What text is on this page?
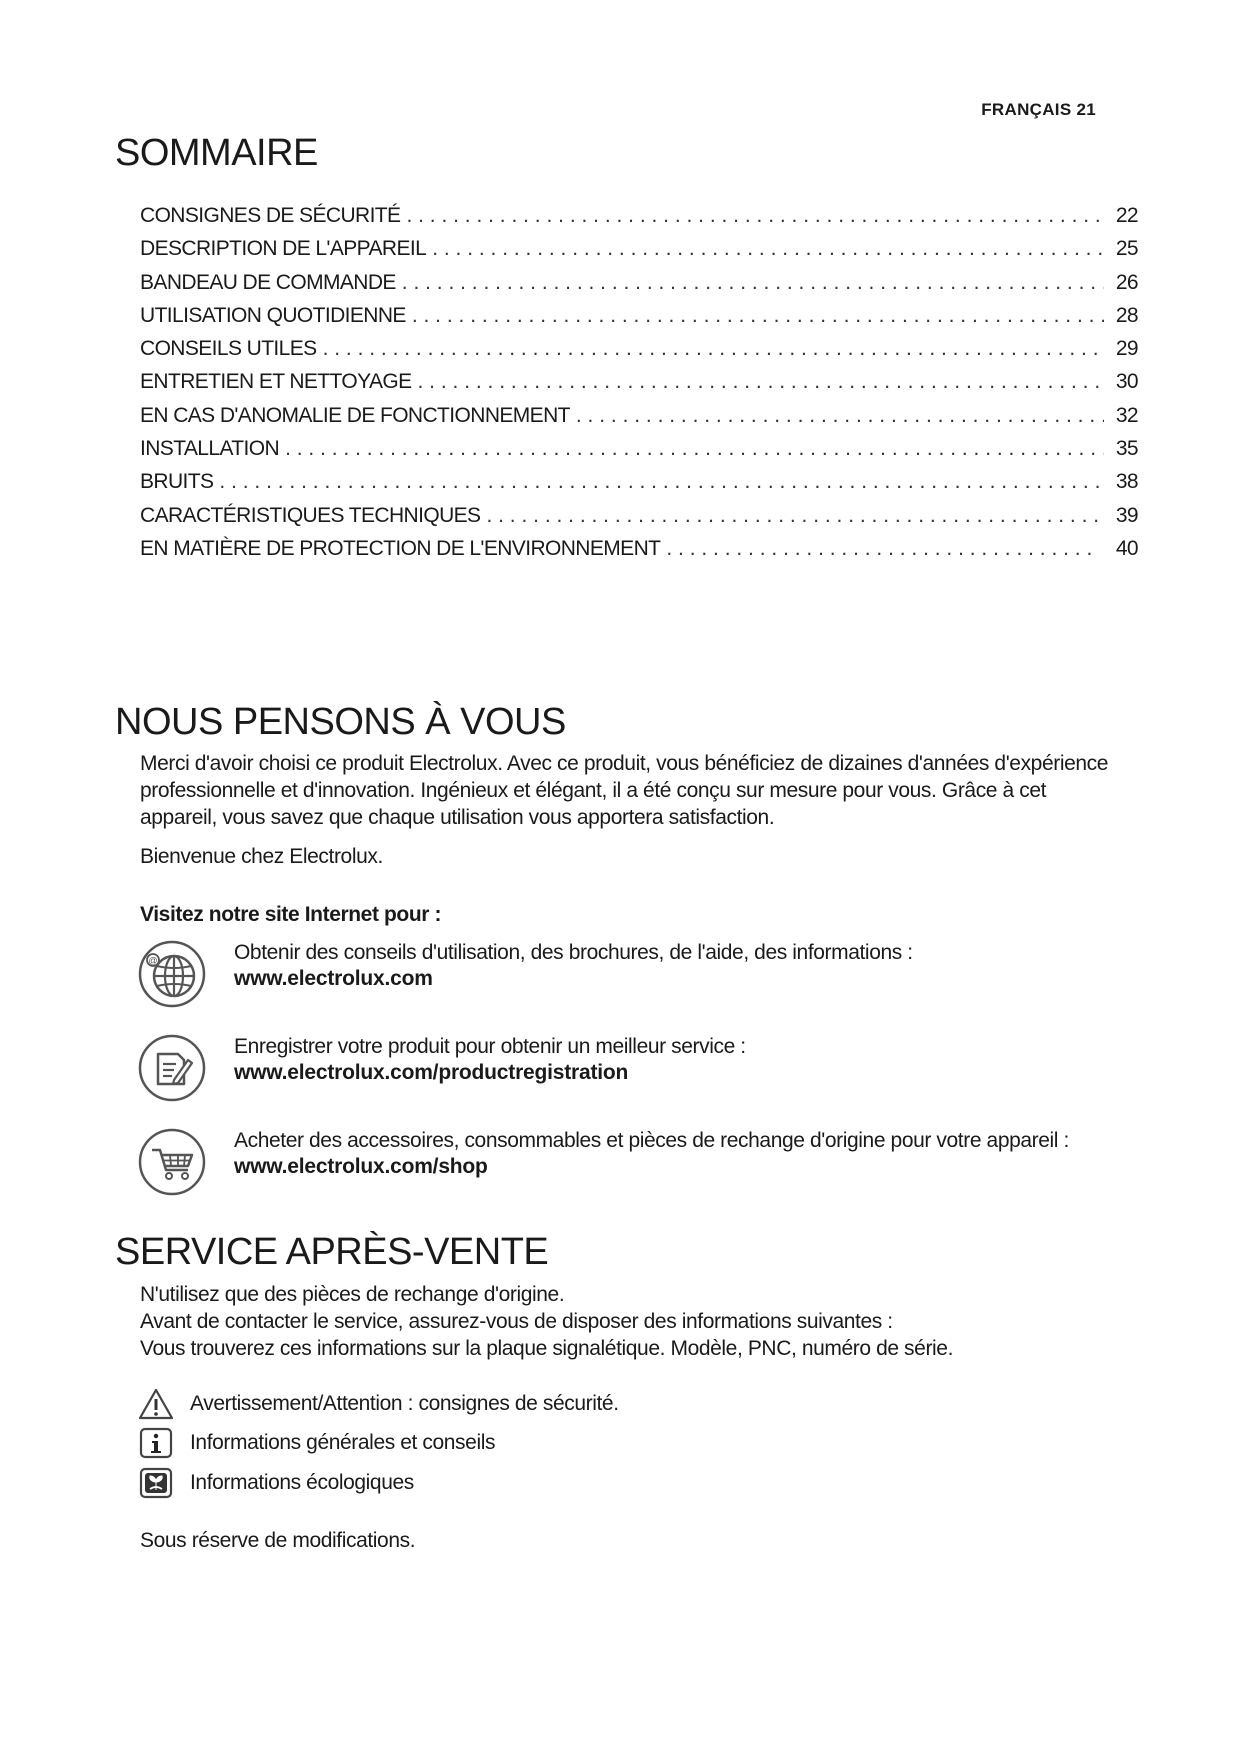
FRANÇAIS 21
SOMMAIRE
CONSIGNES DE SÉCURITÉ . . .	22
DESCRIPTION DE L'APPAREIL . . .	25
BANDEAU DE COMMANDE . . .	26
UTILISATION QUOTIDIENNE . . .	28
CONSEILS UTILES . . .	29
ENTRETIEN ET NETTOYAGE . . .	30
EN CAS D'ANOMALIE DE FONCTIONNEMENT . . .	32
INSTALLATION . . .	35
BRUITS . . .	38
CARACTÉRISTIQUES TECHNIQUES . . .	39
EN MATIÈRE DE PROTECTION DE L'ENVIRONNEMENT . . .	40
NOUS PENSONS À VOUS

Merci d'avoir choisi ce produit Electrolux. Avec ce produit, vous bénéficiez de dizaines d'années d'expérience professionnelle et d'innovation. Ingénieux et élégant, il a été conçu sur mesure pour vous. Grâce à cet appareil, vous savez que chaque utilisation vous apportera satisfaction.

Bienvenue chez Electrolux.

Visitez notre site Internet pour :

@	Obtenir des conseils d'utilisation, des brochures, de l'aide, des informations :
www.electrolux.com
Enregistrer votre produit pour obtenir un meilleur service :
www.electrolux.com/productregistration
Acheter des accessoires, consommables et pièces de rechange d'origine pour votre appareil :
www.electrolux.com/shop
SERVICE APRÈS-VENTE

N'utilisez que des pièces de rechange d'origine.

Avant de contacter le service, assurez-vous de disposer des informations suivantes :

Vous trouverez ces informations sur la plaque signalétique. Modèle, PNC, numéro de série.

Avertissement/Attention : consignes de sécurité.
Informations générales et conseils
Informations écologiques

Sous réserve de modifications.
